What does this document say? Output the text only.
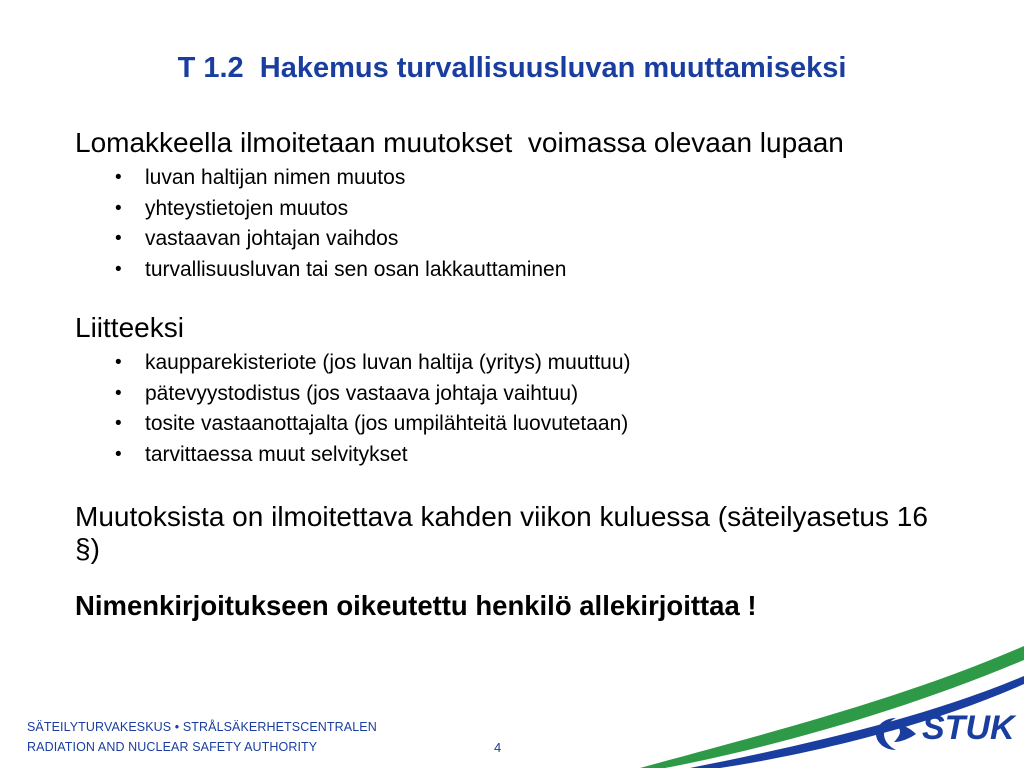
T 1.2  Hakemus turvallisuusluvan muuttamiseksi

Lomakkeella ilmoitetaan muutokset  voimassa olevaan lupaan

• luvan haltijan nimen muutos
• yhteystietojen muutos
• vastaavan johtajan vaihdos
• turvallisuusluvan tai sen osan lakkauttaminen

Liitteeksi

• kaupparekisteriote (jos luvan haltija (yritys) muuttuu)
• pätevyystodistus (jos vastaava johtaja vaihtuu)
• tosite vastaanottajalta (jos umpilähteitä luovutetaan)
• tarvittaessa muut selvitykset

Muutoksista on ilmoitettava kahden viikon kuluessa (säteilyasetus 16 §)

Nimenkirjoitukseen oikeutettu henkilö allekirjoittaa !

SÄTEILYTURVAKESKUS • STRÅLSÄKERHETSCENTRALEN
RADIATION AND NUCLEAR SAFETY AUTHORITY	4
STUK
